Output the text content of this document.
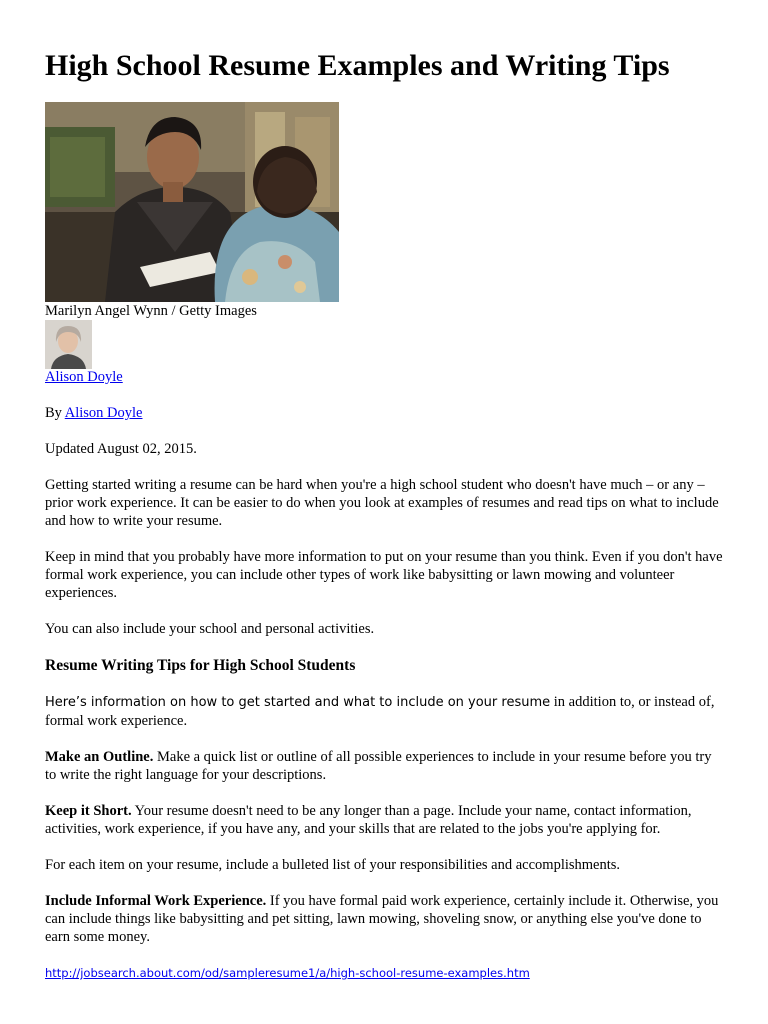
High School Resume Examples and Writing Tips
Marilyn Angel Wynn / Getty Images
Alison Doyle

By Alison Doyle

Updated August 02, 2015.

Getting started writing a resume can be hard when you're a high school student who doesn't have much – or any – prior work experience. It can be easier to do when you look at examples of resumes and read tips on what to include and how to write your resume.

Keep in mind that you probably have more information to put on your resume than you think. Even if you don't have formal work experience, you can include other types of work like babysitting or lawn mowing and volunteer experiences.

You can also include your school and personal activities.

Resume Writing Tips for High School Students

Here’s information on how to get started and what to include on your resume in addition to, or instead of, formal work experience.

Make an Outline. Make a quick list or outline of all possible experiences to include in your resume before you try to write the right language for your descriptions.

Keep it Short. Your resume doesn't need to be any longer than a page. Include your name, contact information, activities, work experience, if you have any, and your skills that are related to the jobs you're applying for.

For each item on your resume, include a bulleted list of your responsibilities and accomplishments.

Include Informal Work Experience. If you have formal paid work experience, certainly include it. Otherwise, you can include things like babysitting and pet sitting, lawn mowing, shoveling snow, or anything else you've done to earn some money.

http://jobsearch.about.com/od/sampleresume1/a/high-school-resume-examples.htm
